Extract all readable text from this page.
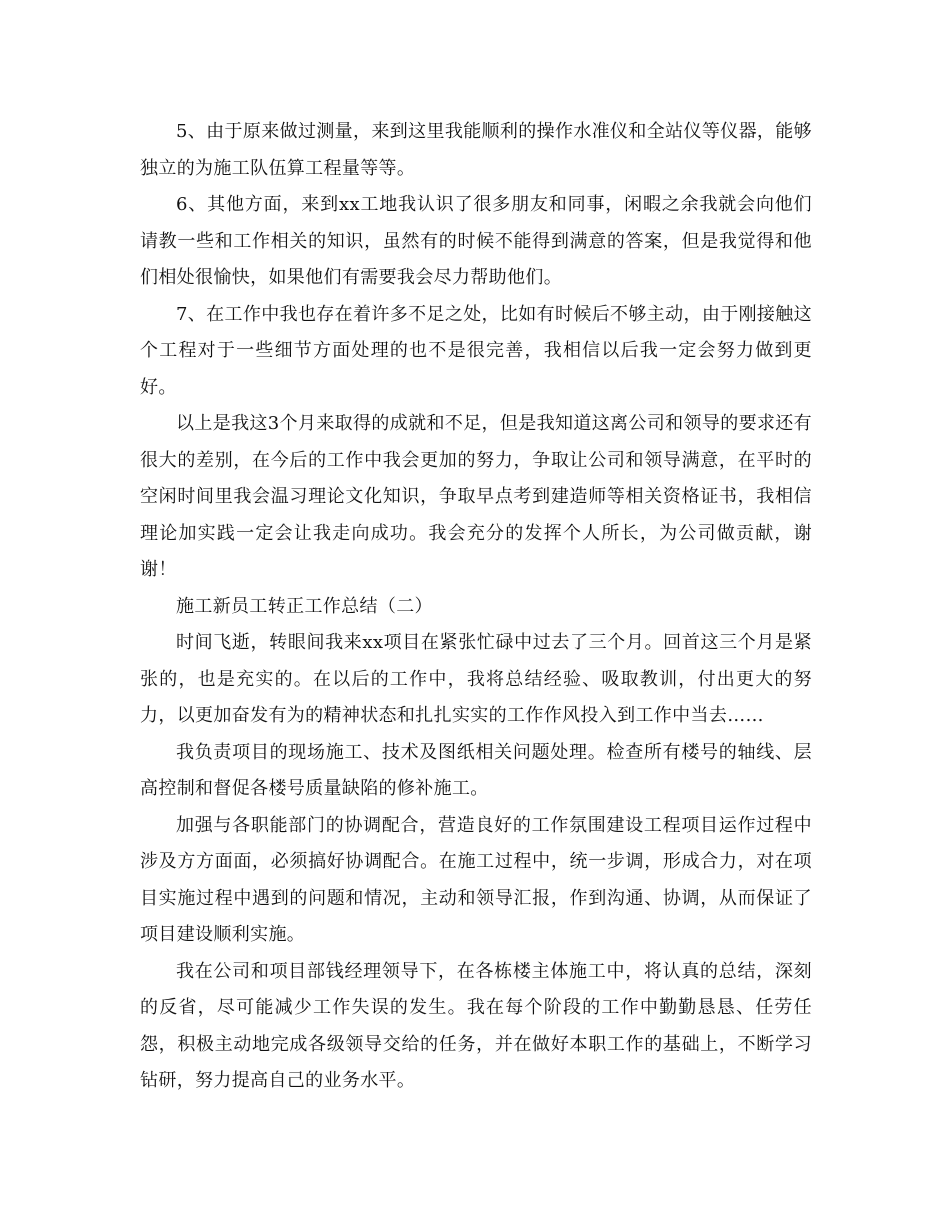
5、由于原来做过测量，来到这里我能顺利的操作水准仪和全站仪等仪器，能够独立的为施工队伍算工程量等等。

6、其他方面，来到xx工地我认识了很多朋友和同事，闲暇之余我就会向他们请教一些和工作相关的知识，虽然有的时候不能得到满意的答案，但是我觉得和他们相处很愉快，如果他们有需要我会尽力帮助他们。

7、在工作中我也存在着许多不足之处，比如有时候后不够主动，由于刚接触这个工程对于一些细节方面处理的也不是很完善，我相信以后我一定会努力做到更好。

以上是我这3个月来取得的成就和不足，但是我知道这离公司和领导的要求还有很大的差别，在今后的工作中我会更加的努力，争取让公司和领导满意，在平时的空闲时间里我会温习理论文化知识，争取早点考到建造师等相关资格证书，我相信理论加实践一定会让我走向成功。我会充分的发挥个人所长，为公司做贡献，谢谢！

施工新员工转正工作总结（二）

时间飞逝，转眼间我来xx项目在紧张忙碌中过去了三个月。回首这三个月是紧张的，也是充实的。在以后的工作中，我将总结经验、吸取教训，付出更大的努力，以更加奋发有为的精神状态和扎扎实实的工作作风投入到工作中当去……

我负责项目的现场施工、技术及图纸相关问题处理。检查所有楼号的轴线、层高控制和督促各楼号质量缺陷的修补施工。

加强与各职能部门的协调配合，营造良好的工作氛围建设工程项目运作过程中涉及方方面面，必须搞好协调配合。在施工过程中，统一步调，形成合力，对在项目实施过程中遇到的问题和情况，主动和领导汇报，作到沟通、协调，从而保证了项目建设顺利实施。

我在公司和项目部钱经理领导下，在各栋楼主体施工中，将认真的总结，深刻的反省，尽可能减少工作失误的发生。我在每个阶段的工作中勤勤恳恳、任劳任怨，积极主动地完成各级领导交给的任务，并在做好本职工作的基础上，不断学习钻研，努力提高自己的业务水平。
